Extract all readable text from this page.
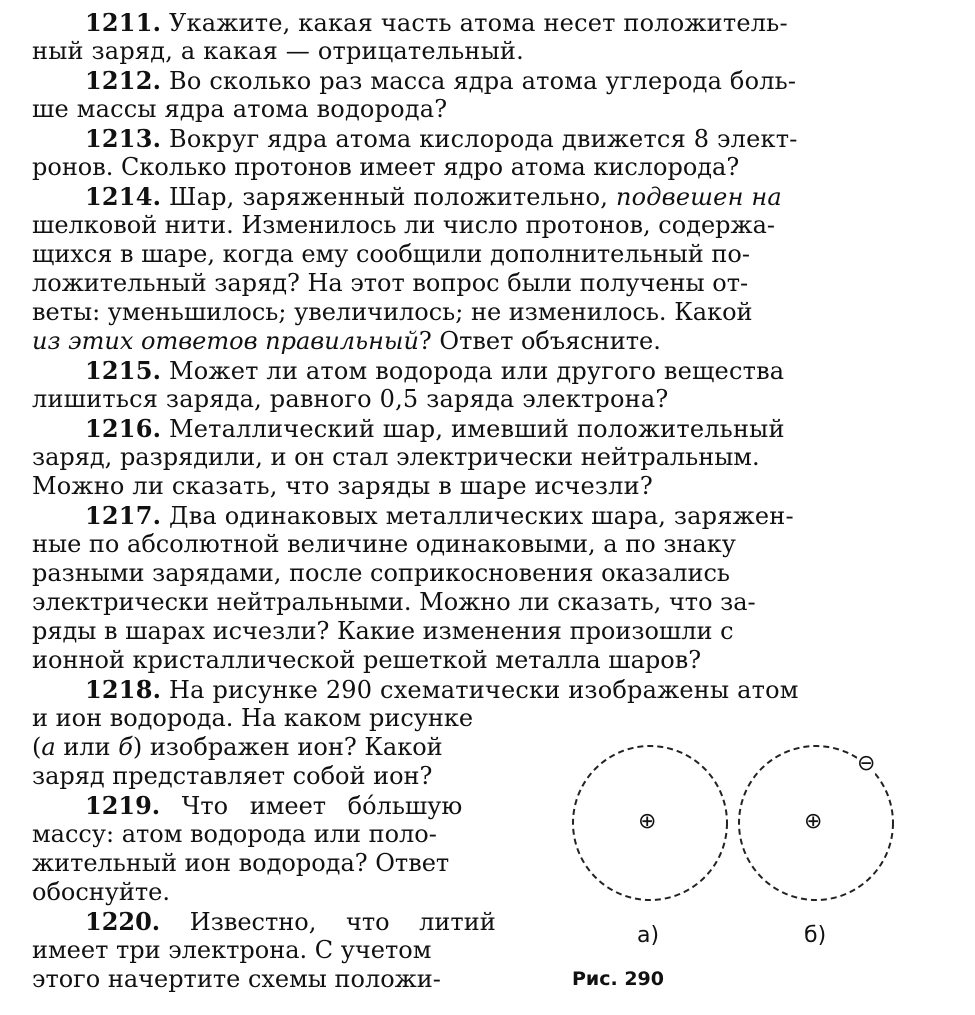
1211. Укажите, какая часть атома несет положитель-
ный заряд, а какая — отрицательный.
1212. Во сколько раз масса ядра атома углерода боль-
ше массы ядра атома водорода?
1213. Вокруг ядра атома кислорода движется 8 элект-
ронов. Сколько протонов имеет ядро атома кислорода?
1214. Шар, заряженный положительно, подвешен на
шелковой нити. Изменилось ли число протонов, содержа-
щихся в шаре, когда ему сообщили дополнительный по-
ложительный заряд? На этот вопрос были получены от-
веты: уменьшилось; увеличилось; не изменилось. Какой
из этих ответов правильный? Ответ объясните.
1215. Может ли атом водорода или другого вещества
лишиться заряда, равного 0,5 заряда электрона?
1216. Металлический шар, имевший положительный
заряд, разрядили, и он стал электрически нейтральным.
Можно ли сказать, что заряды в шаре исчезли?
1217. Два одинаковых металлических шара, заряжен-
ные по абсолютной величине одинаковыми, а по знаку
разными зарядами, после соприкосновения оказались
электрически нейтральными. Можно ли сказать, что за-
ряды в шарах исчезли? Какие изменения произошли с
ионной кристаллической решеткой металла шаров?
1218. На рисунке 290 схематически изображены атом
и ион водорода. На каком рисунке
(а или б) изображен ион? Какой
заряд представляет собой ион?
1219. Что имеет бо́льшую
массу: атом водорода или поло-
жительный ион водорода? Ответ
обоснуйте.
1220. Известно, что литий
имеет три электрона. С учетом
этого начертите схемы положи-
⊕	⊕
⊖
а)	б)
Рис. 290
